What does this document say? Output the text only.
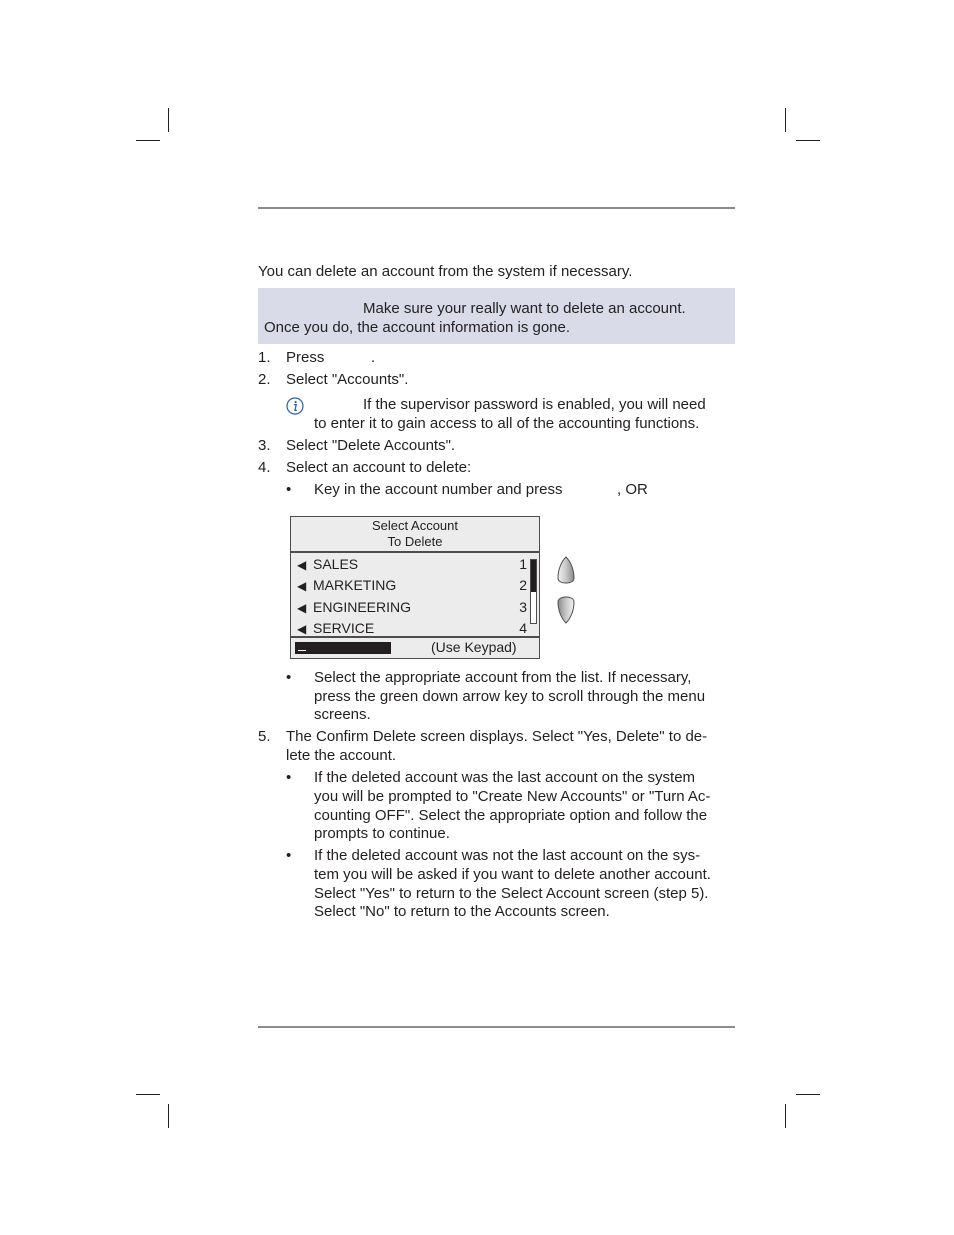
You can delete an account from the system if necessary.
Make sure your really want to delete an account.
Once you do, the account information is gone.
1. Press	.
2. Select "Accounts".
If the supervisor password is enabled, you will need
to enter it to gain access to all of the accounting functions.
3. Select "Delete Accounts".
4. Select an account to delete:
• Key in the account number and press	, OR
Select Account
To Delete
◀ SALES	1
◀ MARKETING	2
◀ ENGINEERING	3
◀ SERVICE	4
(Use Keypad)
• Select the appropriate account from the list. If necessary,
press the green down arrow key to scroll through the menu
screens.
5. The Confirm Delete screen displays. Select "Yes, Delete" to de-
lete the account.
• If the deleted account was the last account on the system
you will be prompted to "Create New Accounts" or "Turn Ac-
counting OFF". Select the appropriate option and follow the
prompts to continue.
• If the deleted account was not the last account on the sys-
tem you will be asked if you want to delete another account.
Select "Yes" to return to the Select Account screen (step 5).
Select "No" to return to the Accounts screen.
